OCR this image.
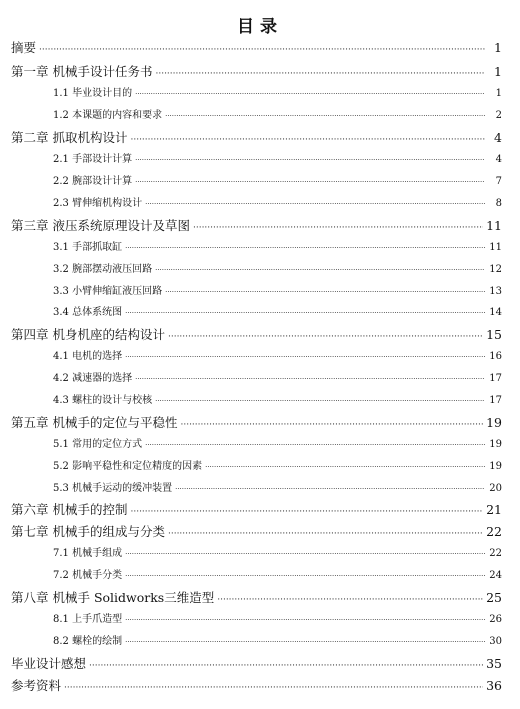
目录
摘要 ·····	1
第一章 机械手设计任务书 ·····	1
1.1 毕业设计目的 ·····	1
1.2 本课题的内容和要求 ·····	2
第二章 抓取机构设计 ·····	4
2.1 手部设计计算 ·····	4
2.2 腕部设计计算 ·····	7
2.3 臂伸缩机构设计 ·····	8
第三章 液压系统原理设计及草图 ·····	11
3.1 手部抓取缸 ·····	11
3.2 腕部摆动液压回路 ·····	12
3.3 小臂伸缩缸液压回路 ·····	13
3.4 总体系统图 ·····	14
第四章 机身机座的结构设计 ·····	15
4.1 电机的选择 ·····	16
4.2 减速器的选择 ·····	17
4.3 螺柱的设计与校核 ·····	17
第五章 机械手的定位与平稳性 ·····	19
5.1 常用的定位方式 ·····	19
5.2 影响平稳性和定位精度的因素 ·····	19
5.3 机械手运动的缓冲装置 ·····	20
第六章 机械手的控制 ·····	21
第七章 机械手的组成与分类 ·····	22
7.1 机械手组成 ·····	22
7.2 机械手分类 ·····	24
第八章 机械手 Solidworks三维造型 ·····	25
8.1 上手爪造型 ·····	26
8.2 螺栓的绘制 ·····	30
毕业设计感想 ·····	35
参考资料 ·····	36
